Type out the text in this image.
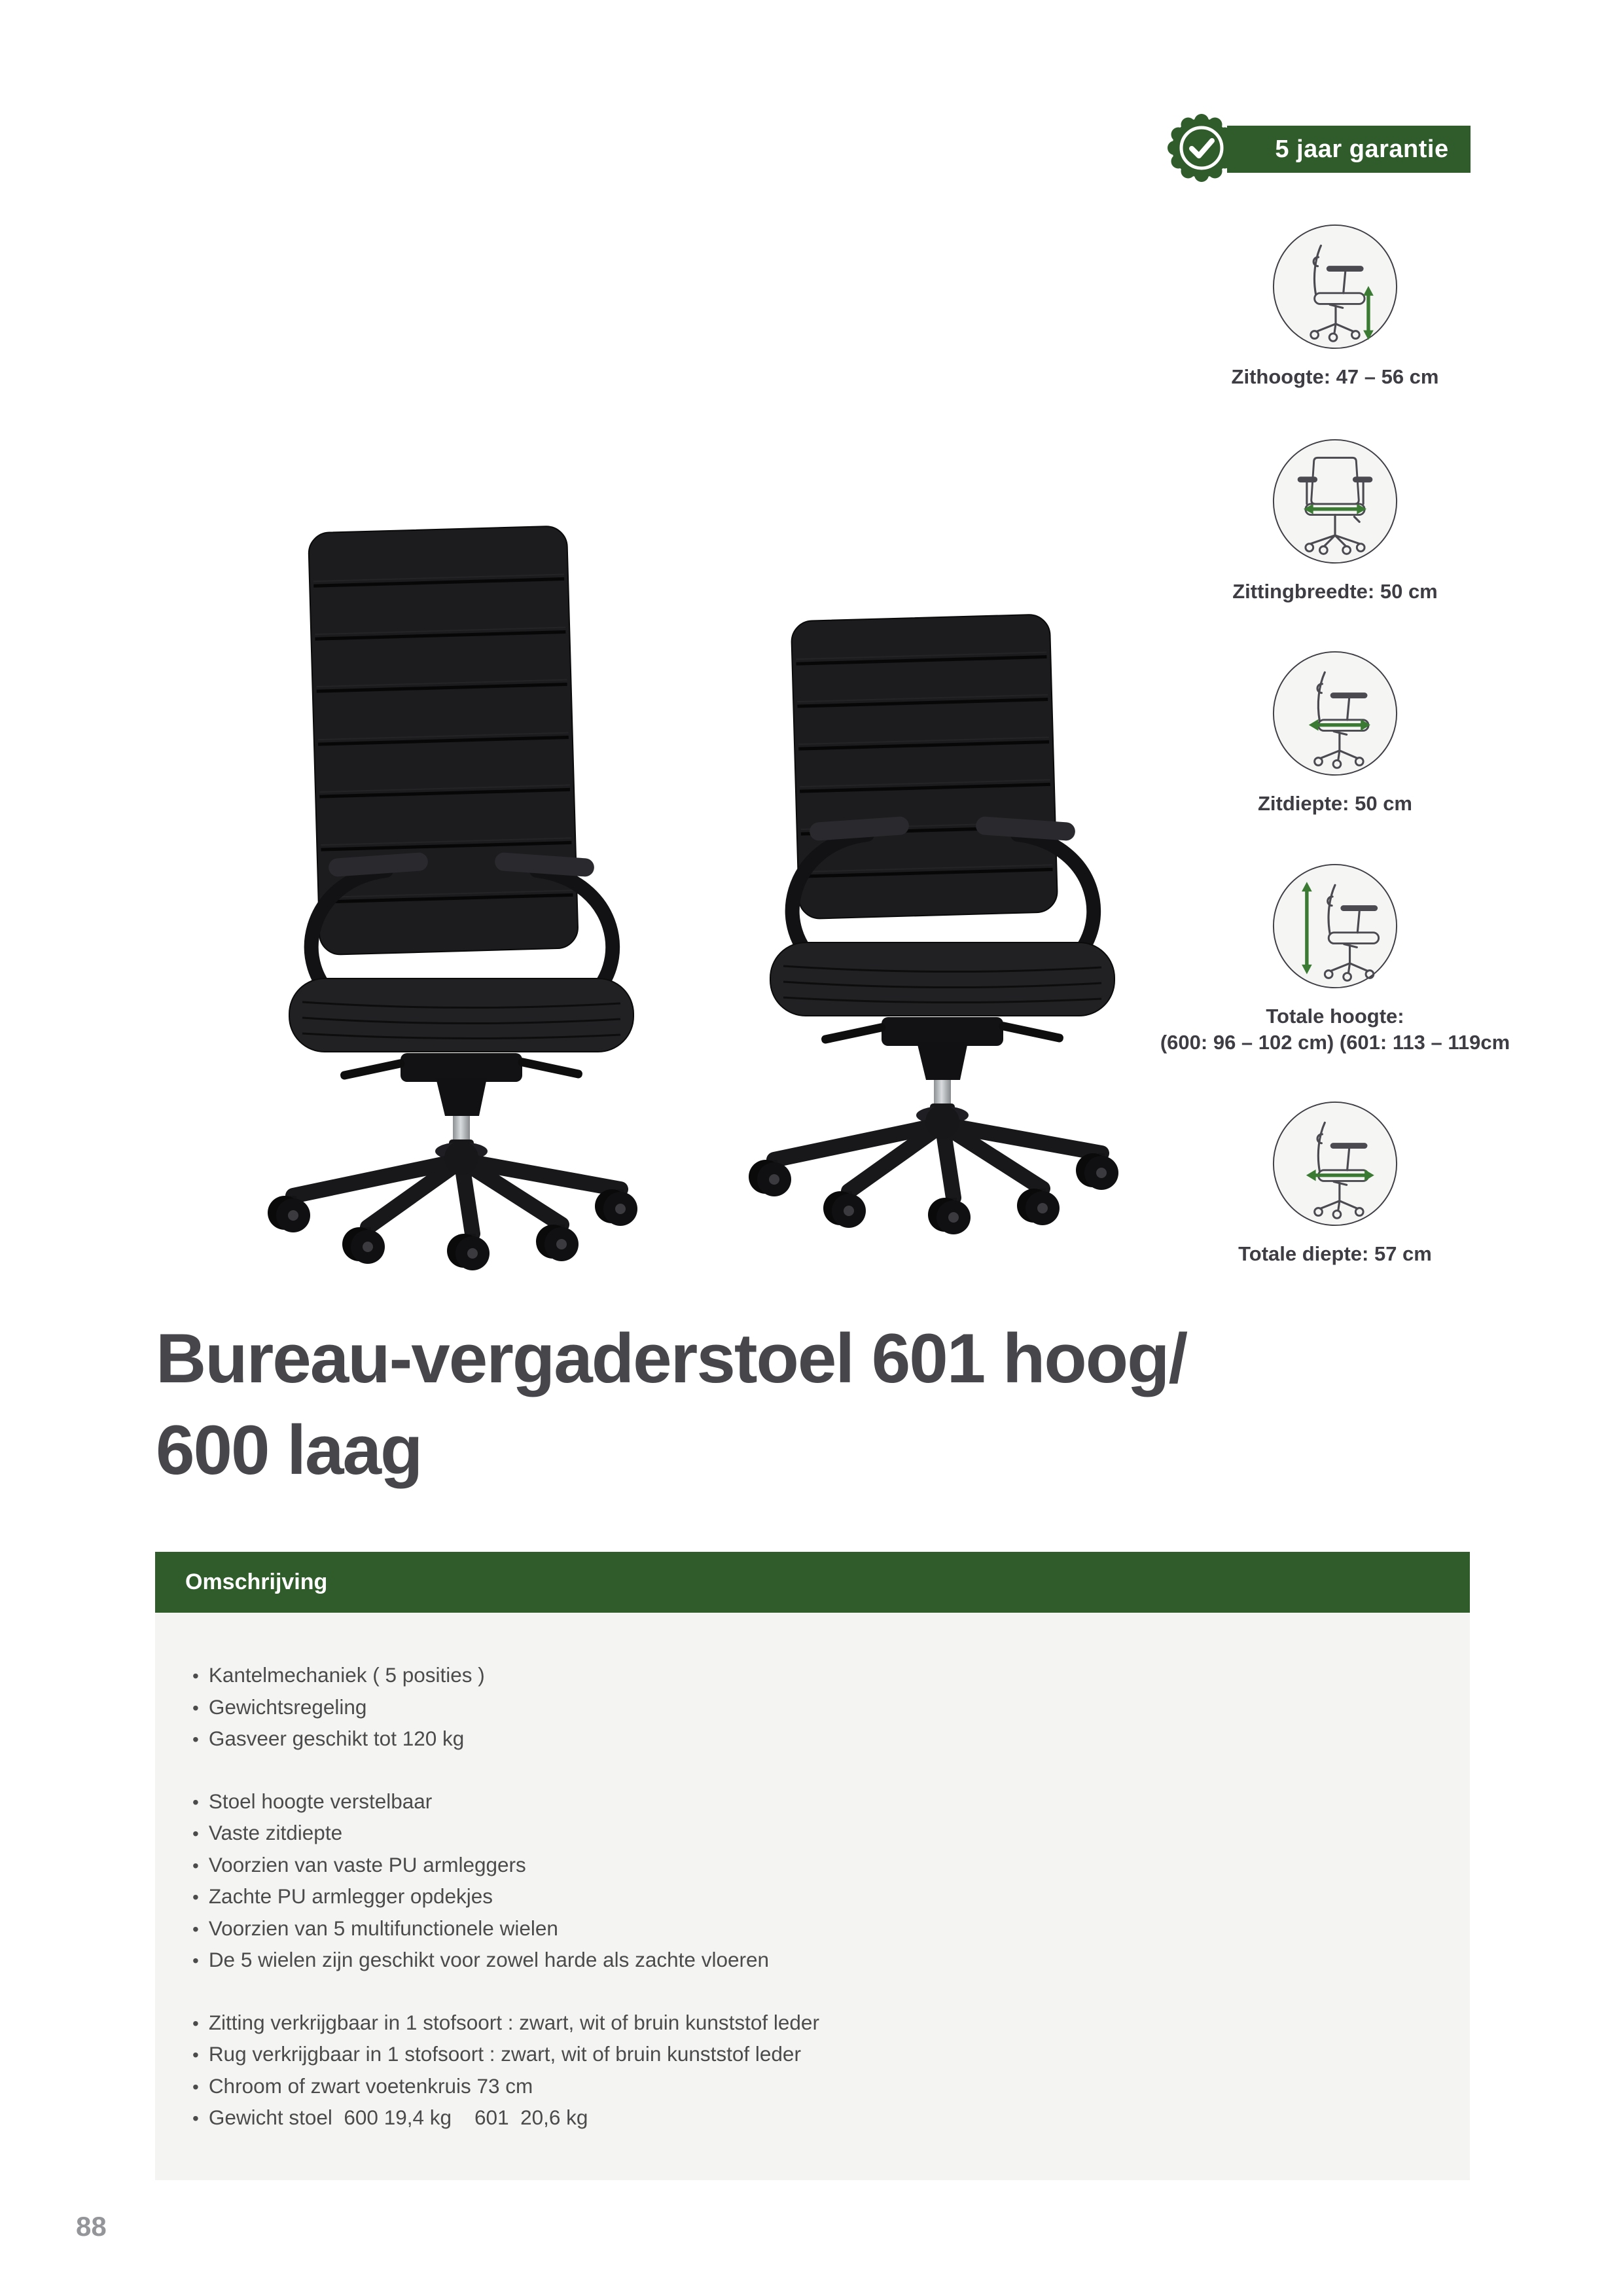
5 jaar garantie
Zithoogte: 47 – 56 cm
Zittingbreedte: 50 cm
Zitdiepte: 50 cm
Totale hoogte:
(600: 96 – 102 cm) (601: 113 – 119cm
Totale diepte: 57 cm
Bureau-vergaderstoel 601 hoog/
600 laag
Omschrijving
• Kantelmechaniek ( 5 posities )
• Gewichtsregeling
• Gasveer geschikt tot 120 kg
• Stoel hoogte verstelbaar
• Vaste zitdiepte
• Voorzien van vaste PU armleggers
• Zachte PU armlegger opdekjes
• Voorzien van 5 multifunctionele wielen
• De 5 wielen zijn geschikt voor zowel harde als zachte vloeren
• Zitting verkrijgbaar in 1 stofsoort : zwart, wit of bruin kunststof leder
• Rug verkrijgbaar in 1 stofsoort : zwart, wit of bruin kunststof leder
• Chroom of zwart voetenkruis 73 cm
• Gewicht stoel  600 19,4 kg    601  20,6 kg
88
